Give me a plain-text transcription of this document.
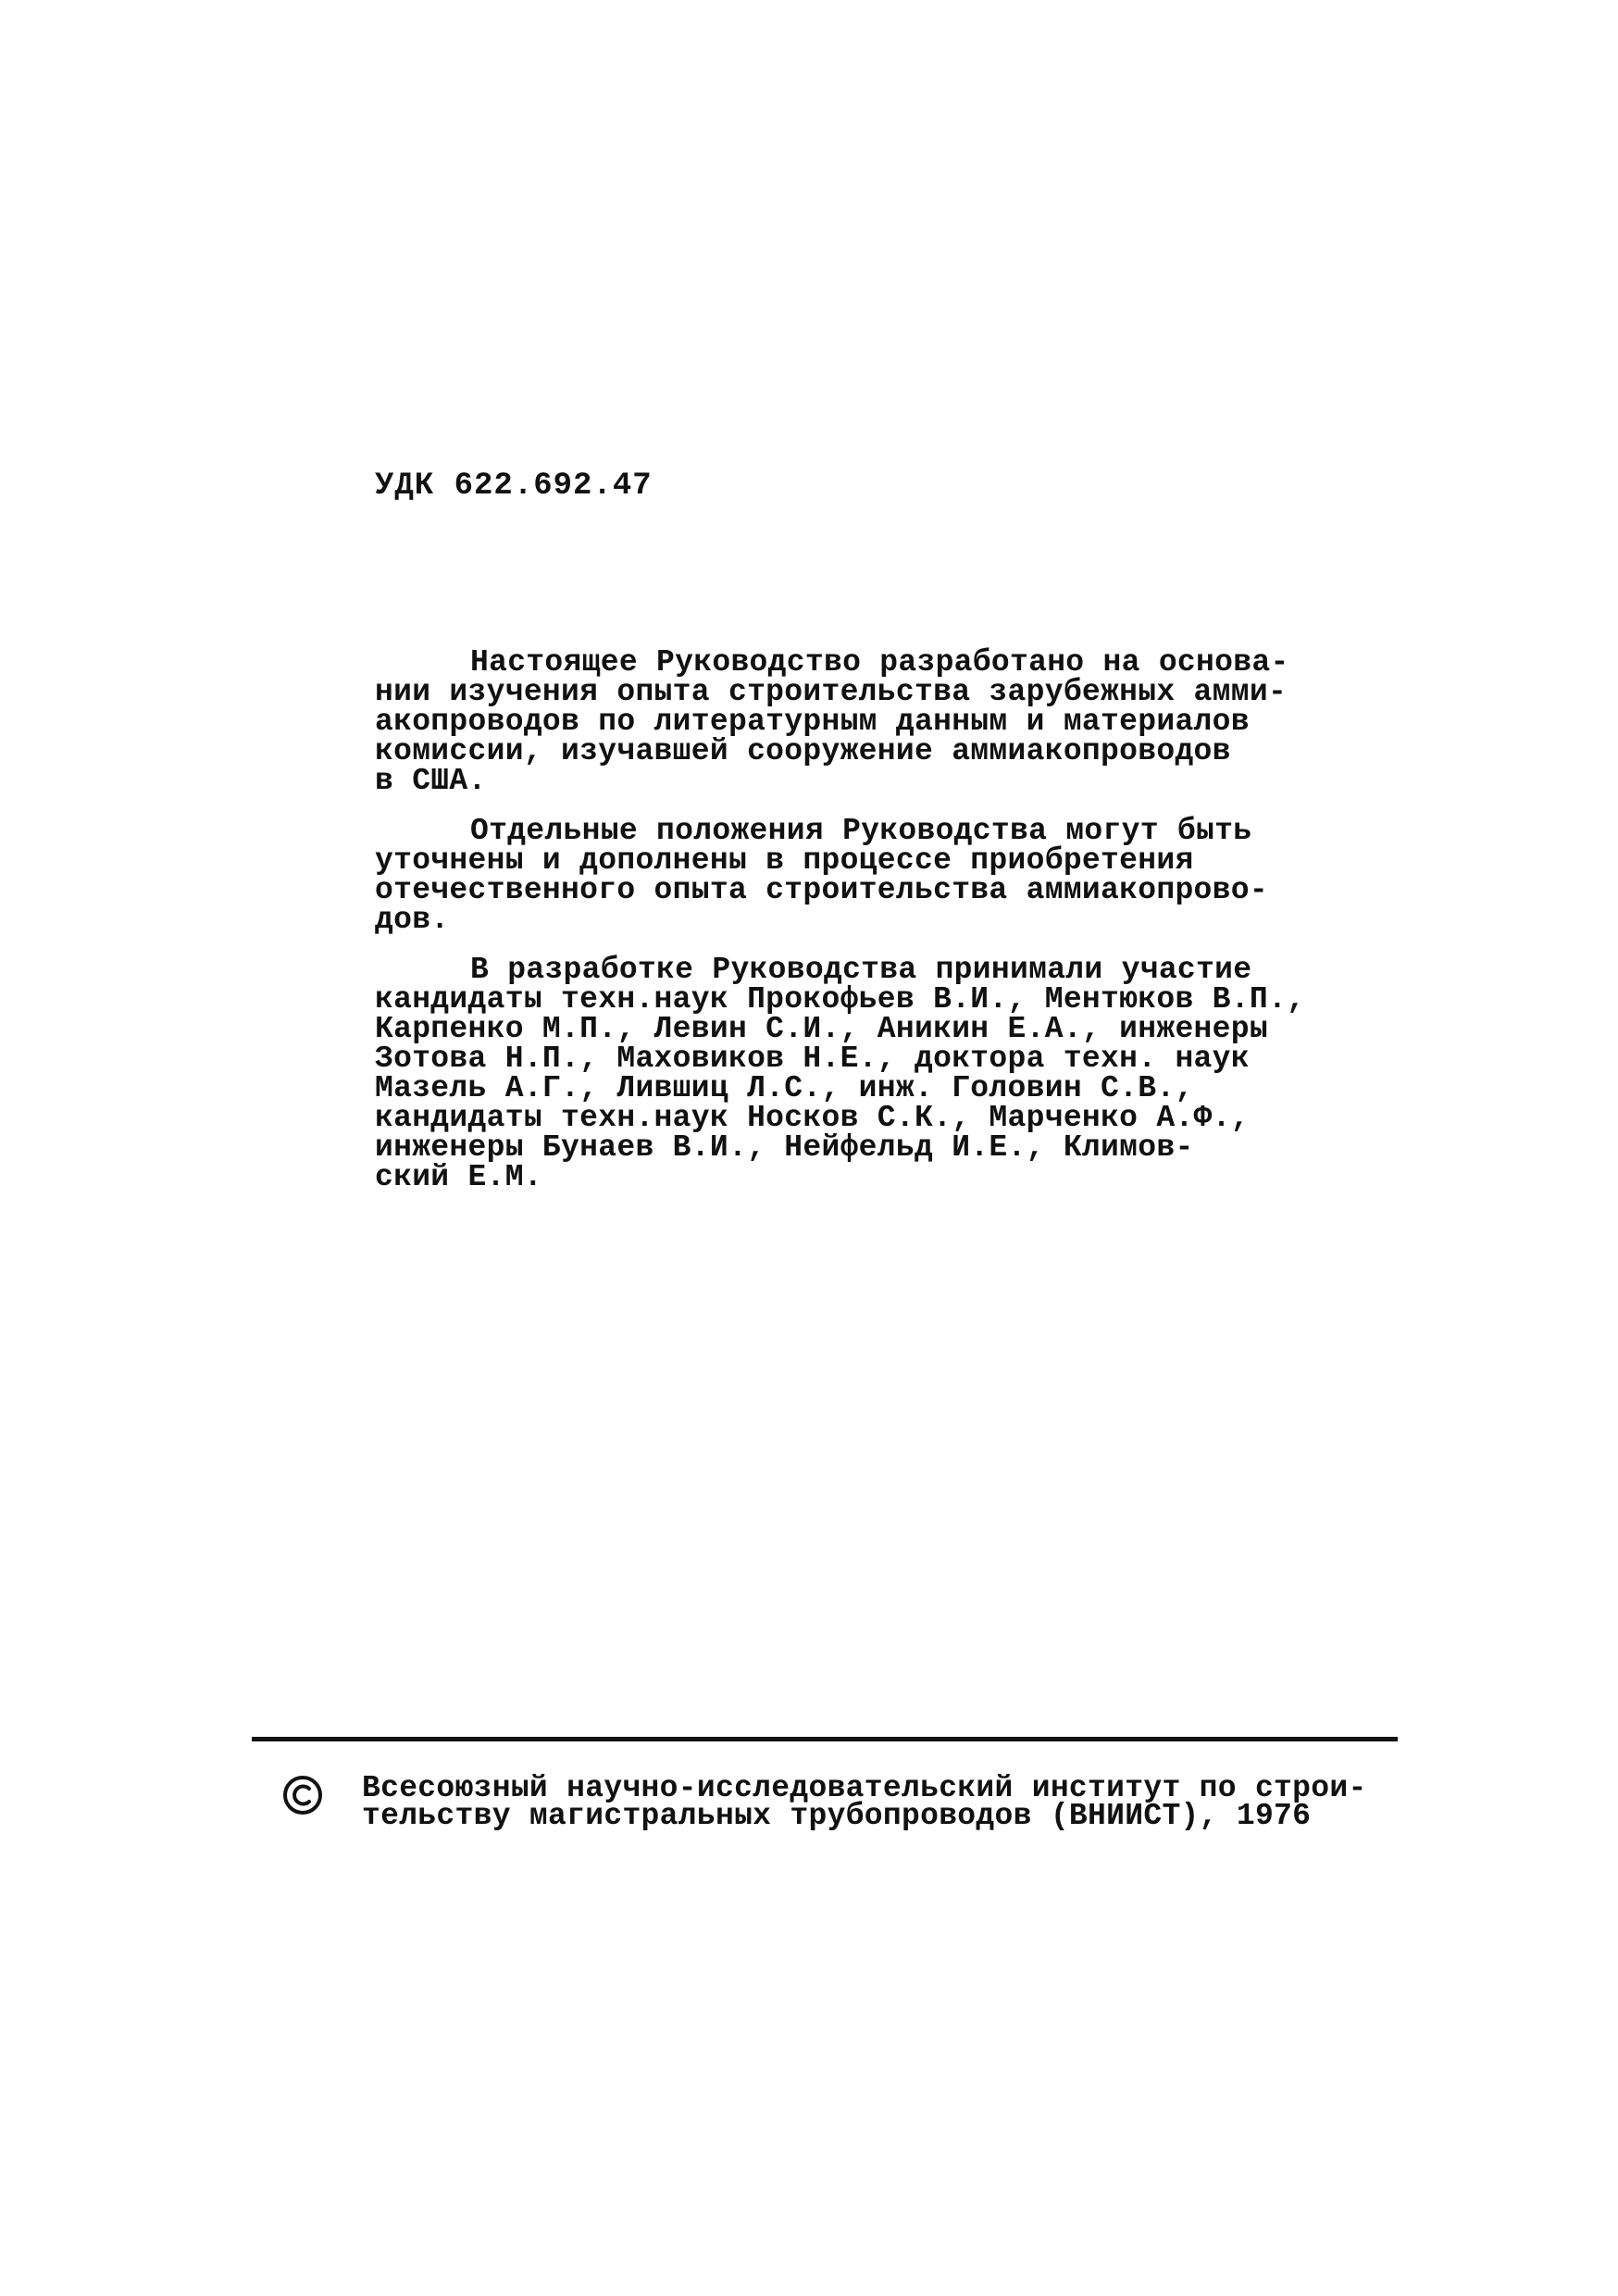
УДК 622.692.47
Настоящее Руководство разработано на основа-
нии изучения опыта строительства зарубежных амми-
акопроводов по литературным данным и материалов
комиссии, изучавшей сооружение аммиакопроводов
в США.
Отдельные положения Руководства могут быть
уточнены и дополнены в процессе приобретения
отечественного опыта строительства аммиакопрово-
дов.
В разработке Руководства принимали участие
кандидаты техн.наук Прокофьев В.И., Ментюков В.П.,
Карпенко М.П., Левин С.И., Аникин Е.А., инженеры
Зотова Н.П., Маховиков Н.Е., доктора техн. наук
Мазель А.Г., Лившиц Л.С., инж. Головин С.В.,
кандидаты техн.наук Носков С.К., Марченко А.Ф.,
инженеры Бунаев В.И., Нейфельд И.Е., Климов-
ский Е.М.
Всесоюзный научно-исследовательский институт по строи-
тельству магистральных трубопроводов (ВНИИСТ), 1976
